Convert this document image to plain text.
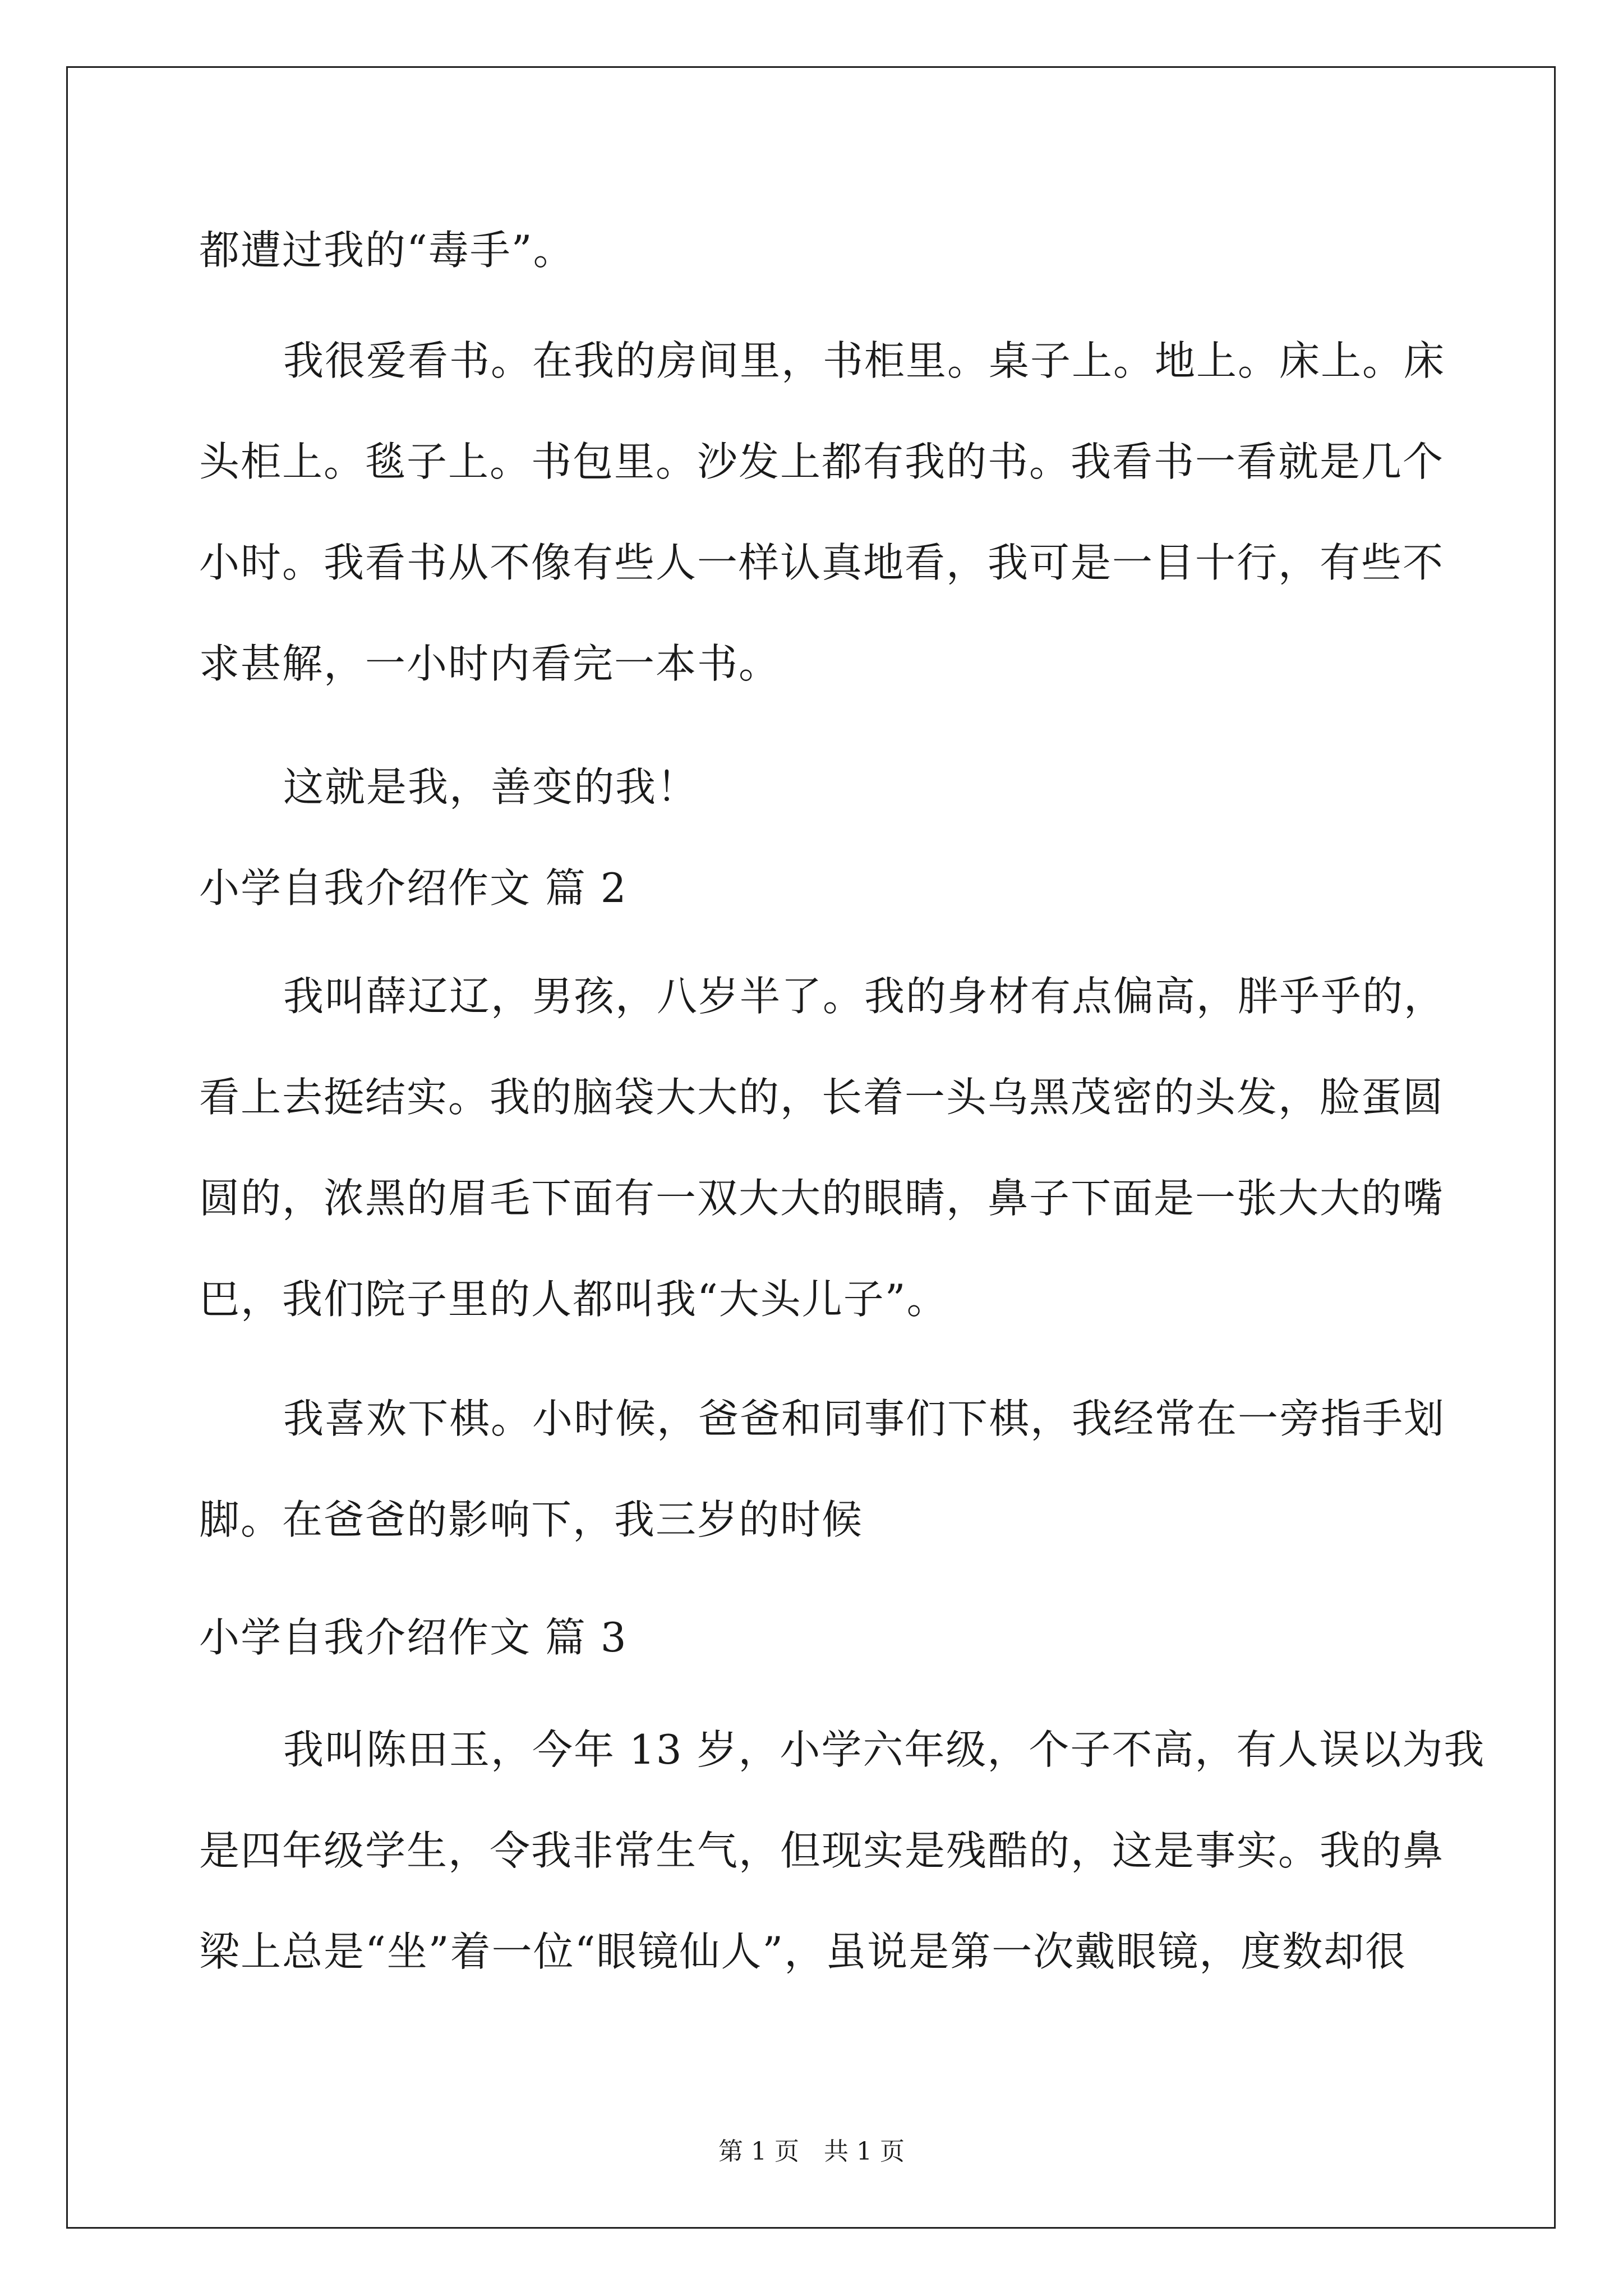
都遭过我的“毒手”。
我很爱看书。在我的房间里，书柜里。桌子上。地上。床上。床
头柜上。毯子上。书包里。沙发上都有我的书。我看书一看就是几个
小时。我看书从不像有些人一样认真地看，我可是一目十行，有些不
求甚解，一小时内看完一本书。
这就是我，善变的我！
小学自我介绍作文 篇 2
我叫薛辽辽，男孩，八岁半了。我的身材有点偏高，胖乎乎的，
看上去挺结实。我的脑袋大大的，长着一头乌黑茂密的头发，脸蛋圆
圆的，浓黑的眉毛下面有一双大大的眼睛，鼻子下面是一张大大的嘴
巴，我们院子里的人都叫我“大头儿子”。
我喜欢下棋。小时候，爸爸和同事们下棋，我经常在一旁指手划
脚。在爸爸的影响下，我三岁的时候
小学自我介绍作文 篇 3
我叫陈田玉，今年 13 岁，小学六年级，个子不高，有人误以为我
是四年级学生，令我非常生气，但现实是残酷的，这是事实。我的鼻
梁上总是“坐”着一位“眼镜仙人”，虽说是第一次戴眼镜，度数却很
第 1 页　共 1 页
